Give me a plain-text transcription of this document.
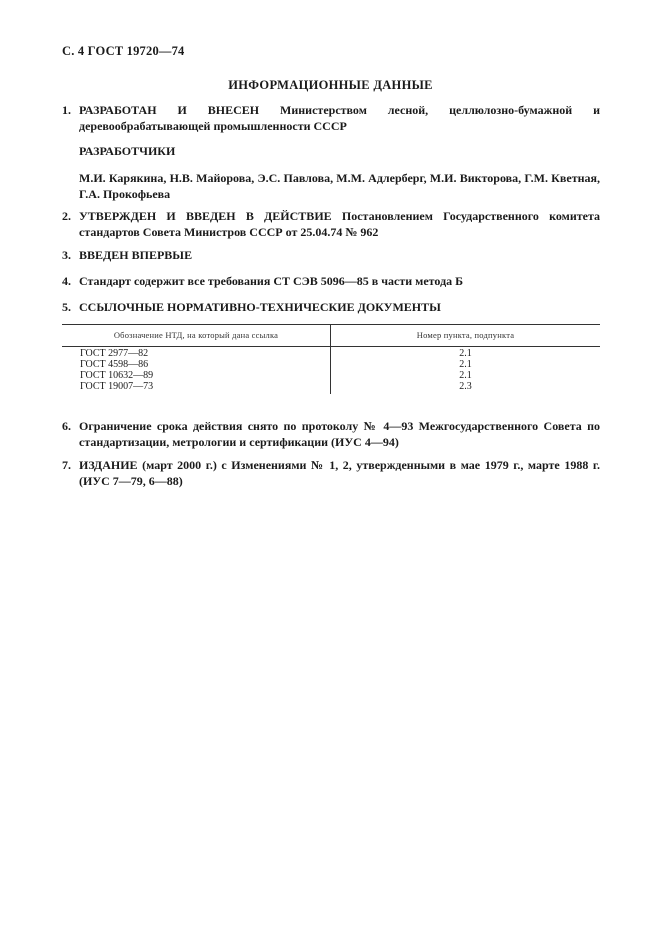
С. 4 ГОСТ 19720—74
ИНФОРМАЦИОННЫЕ ДАННЫЕ
1. РАЗРАБОТАН И ВНЕСЕН Министерством лесной, целлюлозно-бумажной и деревообрабатывающей промышленности СССР
РАЗРАБОТЧИКИ
М.И. Карякина, Н.В. Майорова, Э.С. Павлова, М.М. Адлерберг, М.И. Викторова, Г.М. Кветная, Г.А. Прокофьева
2. УТВЕРЖДЕН И ВВЕДЕН В ДЕЙСТВИЕ Постановлением Государственного комитета стандартов Совета Министров СССР от 25.04.74 № 962
3. ВВЕДЕН ВПЕРВЫЕ
4. Стандарт содержит все требования СТ СЭВ 5096—85 в части метода Б
5. ССЫЛОЧНЫЕ НОРМАТИВНО-ТЕХНИЧЕСКИЕ ДОКУМЕНТЫ
Обозначение НТД, на который дана ссылка	Номер пункта, подпункта
ГОСТ 2977—82	2.1
ГОСТ 4598—86	2.1
ГОСТ 10632—89	2.1
ГОСТ 19007—73	2.3
6. Ограничение срока действия снято по протоколу № 4—93 Межгосударственного Совета по стандартизации, метрологии и сертификации (ИУС 4—94)
7. ИЗДАНИЕ (март 2000 г.) с Изменениями № 1, 2, утвержденными в мае 1979 г., марте 1988 г. (ИУС 7—79, 6—88)
